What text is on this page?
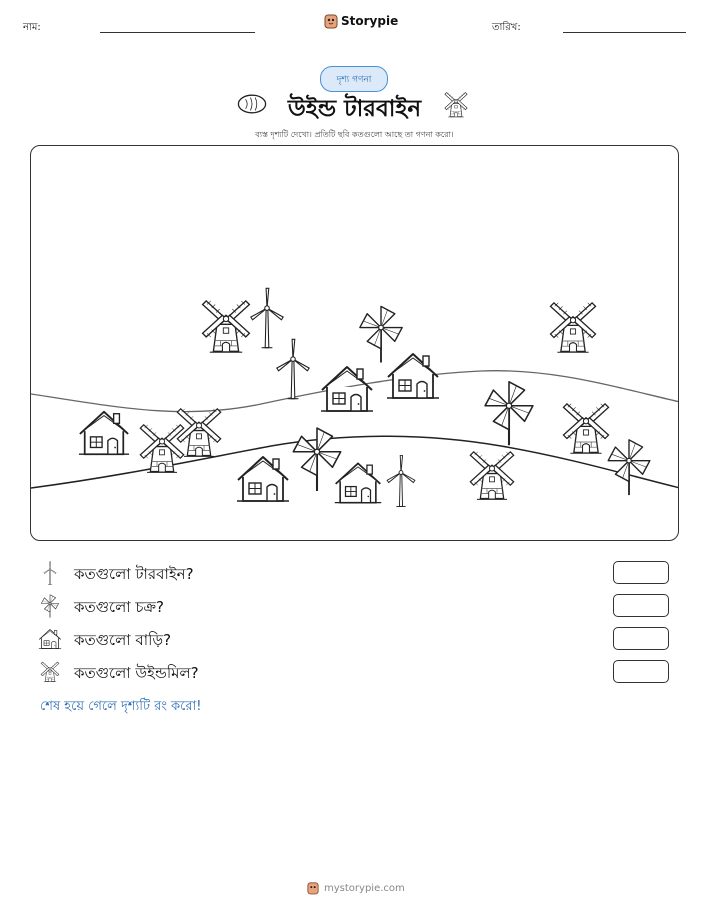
নাম:	Storypie	তারিখ:
দৃশ্য গণনা
উইন্ড টারবাইন
ব্যস্ত দৃশ্যটি দেখো। প্রতিটি ছবি কতগুলো আছে তা গণনা করো।
কতগুলো টারবাইন?
কতগুলো চক্র?
কতগুলো বাড়ি?
কতগুলো উইন্ডমিল?
শেষ হয়ে গেলে দৃশ্যটি রং করো!
mystorypie.com
